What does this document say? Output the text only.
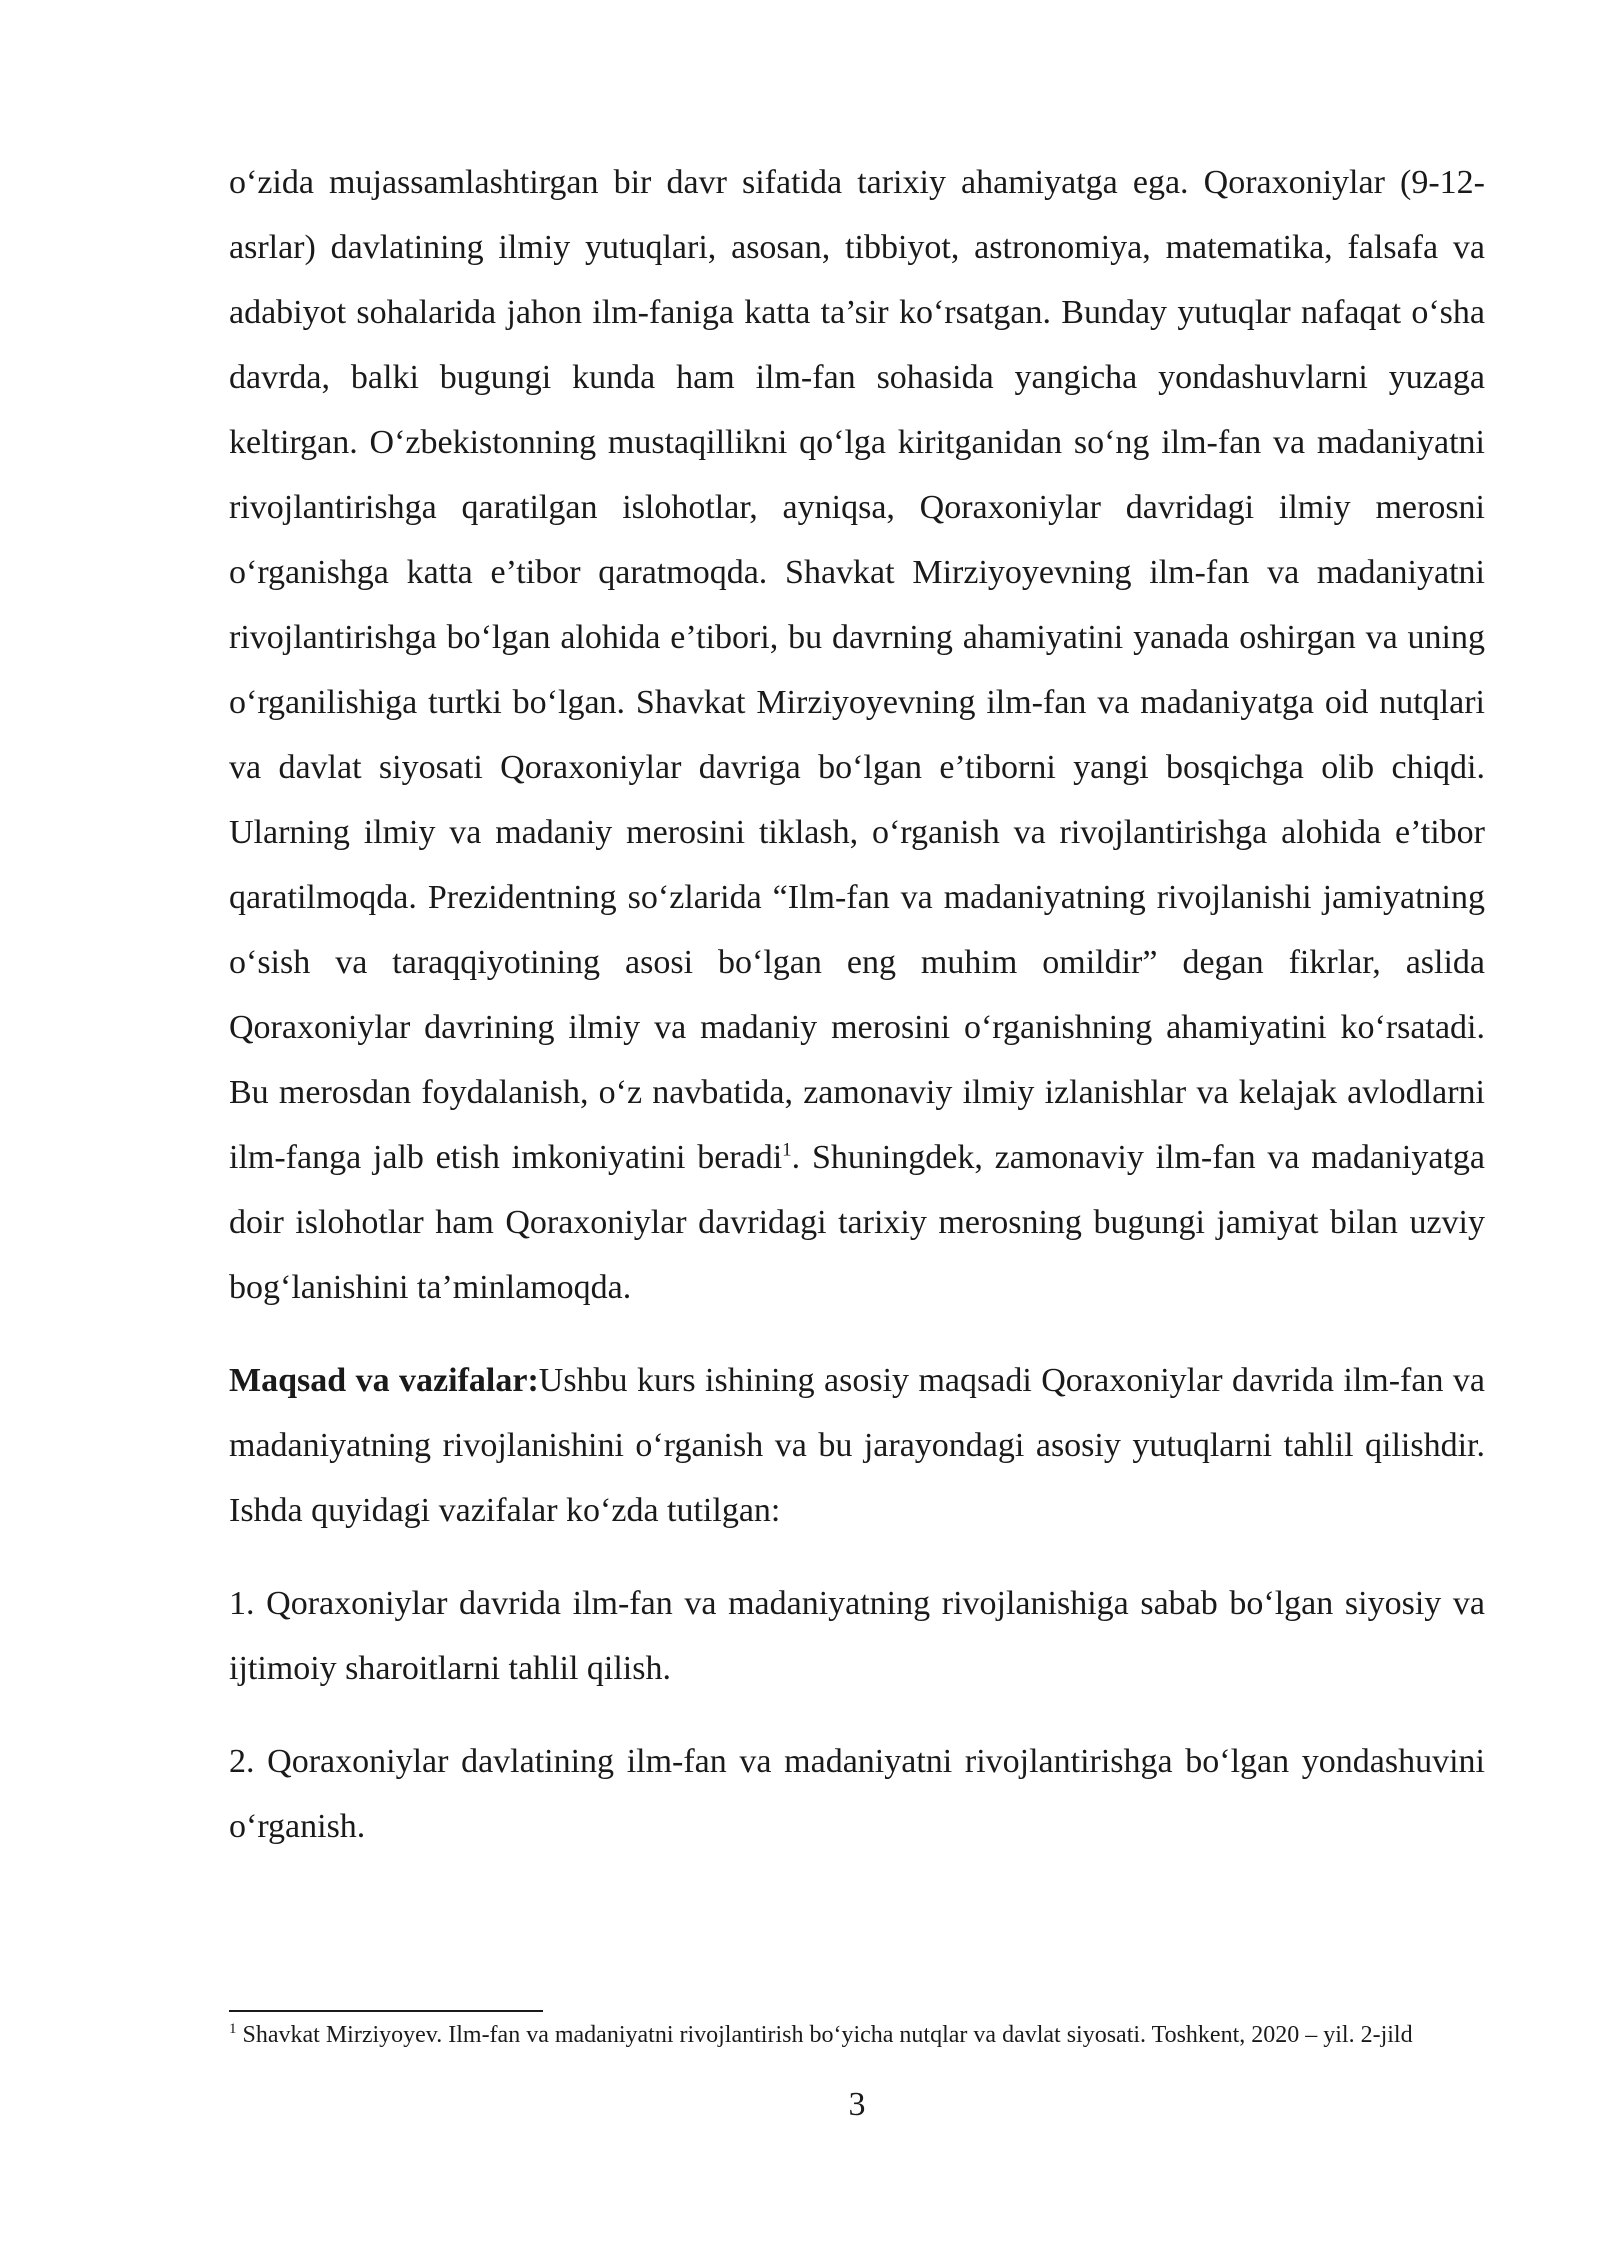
o‘zida mujassamlashtirgan bir davr sifatida tarixiy ahamiyatga ega. Qoraxoniylar (9-12-asrlar) davlatining ilmiy yutuqlari, asosan, tibbiyot, astronomiya, matematika, falsafa va adabiyot sohalarida jahon ilm-faniga katta ta’sir ko‘rsatgan. Bunday yutuqlar nafaqat o‘sha davrda, balki bugungi kunda ham ilm-fan sohasida yangicha yondashuvlarni yuzaga keltirgan. O‘zbekistonning mustaqillikni qo‘lga kiritganidan so‘ng ilm-fan va madaniyatni rivojlantirishga qaratilgan islohotlar, ayniqsa, Qoraxoniylar davridagi ilmiy merosni o‘rganishga katta e’tibor qaratmoqda. Shavkat Mirziyoyevning ilm-fan va madaniyatni rivojlantirishga bo‘lgan alohida e’tibori, bu davrning ahamiyatini yanada oshirgan va uning o‘rganilishiga turtki bo‘lgan. Shavkat Mirziyoyevning ilm-fan va madaniyatga oid nutqlari va davlat siyosati Qoraxoniylar davriga bo‘lgan e’tiborni yangi bosqichga olib chiqdi. Ularning ilmiy va madaniy merosini tiklash, o‘rganish va rivojlantirishga alohida e’tibor qaratilmoqda. Prezidentning so‘zlarida “Ilm-fan va madaniyatning rivojlanishi jamiyatning o‘sish va taraqqiyotining asosi bo‘lgan eng muhim omildir” degan fikrlar, aslida Qoraxoniylar davrining ilmiy va madaniy merosini o‘rganishning ahamiyatini ko‘rsatadi. Bu merosdan foydalanish, o‘z navbatida, zamonaviy ilmiy izlanishlar va kelajak avlodlarni ilm-fanga jalb etish imkoniyatini beradi$^1$. Shuningdek, zamonaviy ilm-fan va madaniyatga doir islohotlar ham Qoraxoniylar davridagi tarixiy merosning bugungi jamiyat bilan uzviy bog‘lanishini ta’minlamoqda.

Maqsad va vazifalar:Ushbu kurs ishining asosiy maqsadi Qoraxoniylar davrida ilm-fan va madaniyatning rivojlanishini o‘rganish va bu jarayondagi asosiy yutuqlarni tahlil qilishdir. Ishda quyidagi vazifalar ko‘zda tutilgan:

1. Qoraxoniylar davrida ilm-fan va madaniyatning rivojlanishiga sabab bo‘lgan siyosiy va ijtimoiy sharoitlarni tahlil qilish.

2. Qoraxoniylar davlatining ilm-fan va madaniyatni rivojlantirishga bo‘lgan yondashuvini o‘rganish.

$^1$ Shavkat Mirziyoyev. Ilm-fan va madaniyatni rivojlantirish bo‘yicha nutqlar va davlat siyosati. Toshkent, 2020 – yil. 2-jild

3
